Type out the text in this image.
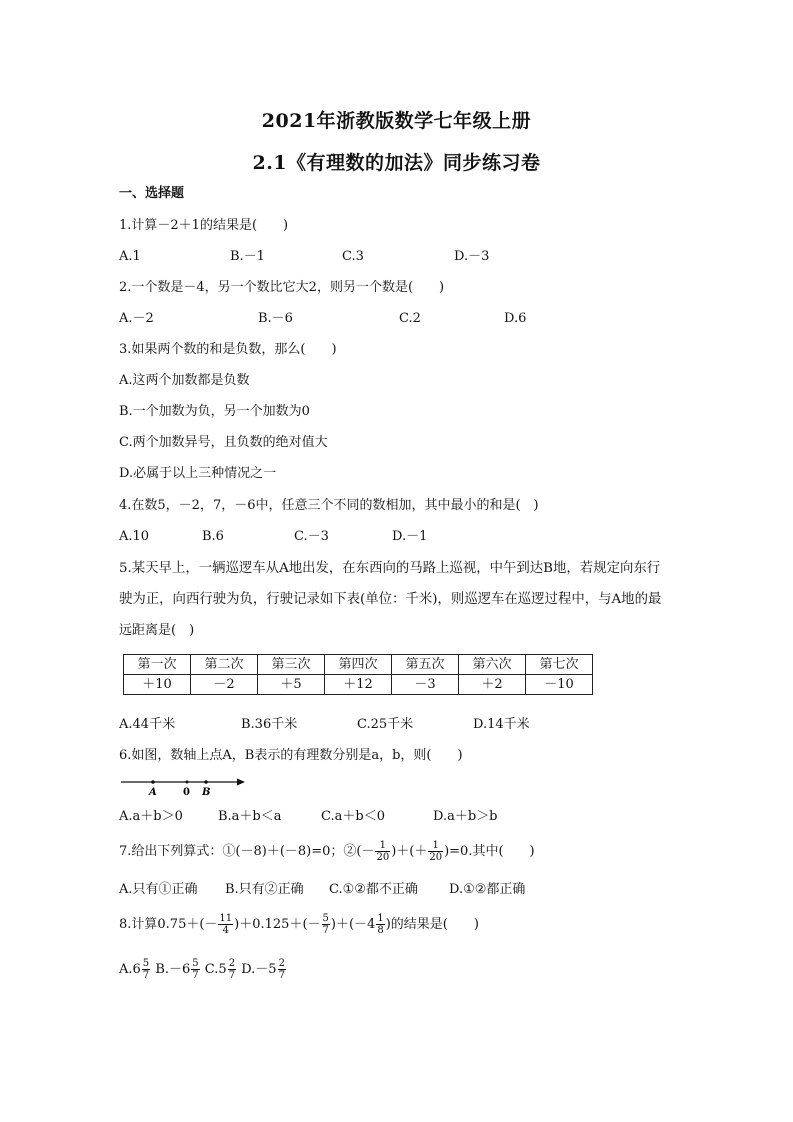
2021年浙教版数学七年级上册
2.1《有理数的加法》同步练习卷
一、选择题
1.计算－2＋1的结果是(　　)
A.1	B.－1	C.3	D.－3
2.一个数是－4，另一个数比它大2，则另一个数是(　　)
A.－2	B.－6	C.2	D.6
3.如果两个数的和是负数，那么(　　)
A.这两个加数都是负数
B.一个加数为负，另一个加数为0
C.两个加数异号，且负数的绝对值大
D.必属于以上三种情况之一
4.在数5，－2，7，－6中，任意三个不同的数相加，其中最小的和是(　)
A.10	B.6	C.－3	D.－1
5.某天早上，一辆巡逻车从A地出发，在东西向的马路上巡视，中午到达B地，若规定向东行
驶为正，向西行驶为负，行驶记录如下表(单位：千米)，则巡逻车在巡逻过程中，与A地的最
远距离是(　)
第一次	第二次	第三次	第四次	第五次	第六次	第七次
＋10	－2	＋5	＋12	－3	＋2	－10
A.44千米	B.36千米	C.25千米	D.14千米
6.如图，数轴上点A，B表示的有理数分别是a，b，则(　　)
A	0 B
A.a＋b＞0	B.a＋b＜a	C.a＋b＜0	D.a＋b＞b
7.给出下列算式：①(－8)＋(－8)=0；②(－ $\frac{1}{20}$ )＋(＋ $\frac{1}{20} )=0$.其中(　　)
A.只有①正确 B.只有②正确 C.①②都不正确 D.①②都正确
8.计算$0.75+(- \frac{11}{4} )+0.125+(- \frac{5}{7} )+(-4 \frac{1}{8}$ )的结果是(　　)
$A.6 \frac{5}{7} B.-6 \frac{5}{7} C.5 \frac{2}{7} D.-5 \frac{2}{7}$
